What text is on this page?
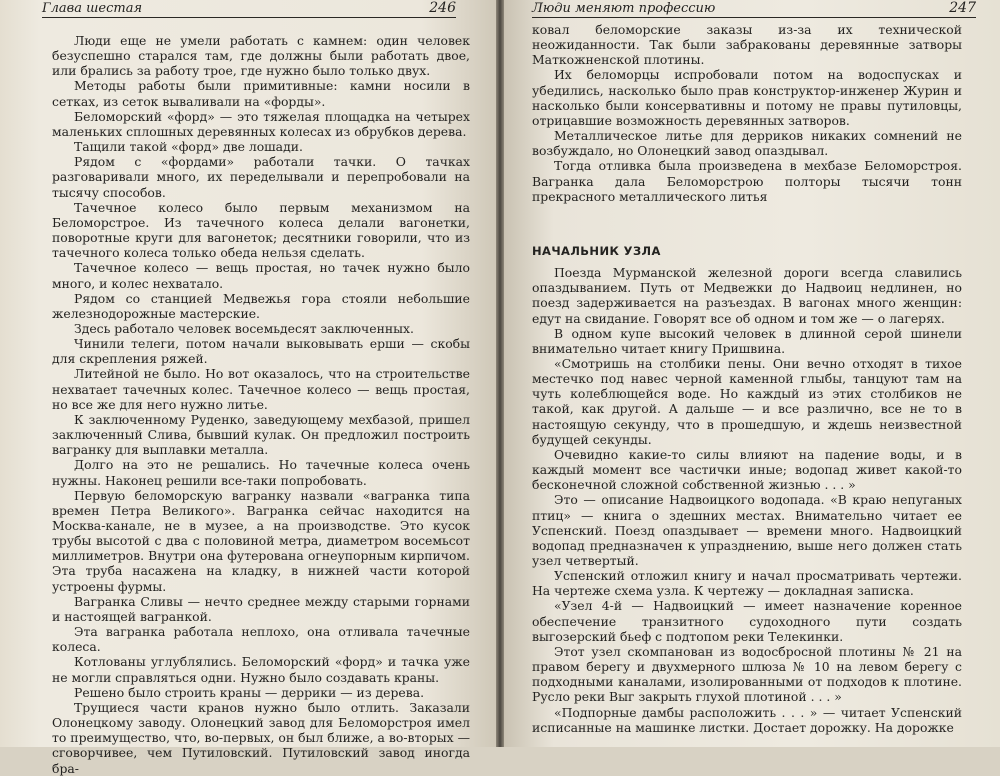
Глава шестая	246

Люди еще не умели работать с камнем: один человек безуспешно старался там, где должны были работать двое, или брались за работу трое, где нужно было только двух.

Методы работы были примитивные: камни носили в сетках, из сеток вываливали на «форды».

Беломорский «форд» — это тяжелая площадка на четырех маленьких сплошных деревянных колесах из обрубков дерева.

Тащили такой «форд» две лошади.

Рядом с «фордами» работали тачки. О тачках разговаривали много, их переделывали и перепробовали на тысячу способов.

Тачечное колесо было первым механизмом на Беломорстрое. Из тачечного колеса делали вагонетки, поворотные круги для вагонеток; десятники говорили, что из тачечного колеса только обеда нельзя сделать.

Тачечное колесо — вещь простая, но тачек нужно было много, и колес нехватало.

Рядом со станцией Медвежья гора стояли небольшие железнодорожные мастерские.

Здесь работало человек восемьдесят заключенных.

Чинили телеги, потом начали выковывать ерши — скобы для скрепления ряжей.

Литейной не было. Но вот оказалось, что на строительстве нехватает тачечных колес. Тачечное колесо — вещь простая, но все же для него нужно литье.

К заключенному Руденко, заведующему мехбазой, пришел заключенный Слива, бывший кулак. Он предложил построить вагранку для выплавки металла.

Долго на это не решались. Но тачечные колеса очень нужны. Наконец решили все-таки попробовать.

Первую беломорскую вагранку назвали «вагранка типа времен Петра Великого». Вагранка сейчас находится на Москва-канале, не в музее, а на производстве. Это кусок трубы высотой с два с половиной метра, диаметром восемьсот миллиметров. Внутри она футерована огнеупорным кирпичом. Эта труба насажена на кладку, в нижней части которой устроены фурмы.

Вагранка Сливы — нечто среднее между старыми горнами и настоящей вагранкой.

Эта вагранка работала неплохо, она отливала тачечные колеса.

Котлованы углублялись. Беломорский «форд» и тачка уже не могли справляться одни. Нужно было создавать краны.

Решено было строить краны — деррики — из дерева.

Трущиеся части кранов нужно было отлить. Заказали Олонецкому заводу. Олонецкий завод для Беломорстроя имел то преимущество, что, во-первых, он был ближе, а во-вторых — сговорчивее, чем Путиловский. Путиловский завод иногда бра-

Люди меняют профессию	247

ковал беломорские заказы из-за их технической неожиданности. Так были забракованы деревянные затворы Маткожненской плотины.

Их беломорцы испробовали потом на водоспусках и убедились, насколько было прав конструктор-инженер Журин и насколько были консервативны и потому не правы путиловцы, отрицавшие возможность деревянных затворов.

Металлическое литье для дерриков никаких сомнений не возбуждало, но Олонецкий завод опаздывал.

Тогда отливка была произведена в мехбазе Беломорстроя. Вагранка дала Беломорстрою полторы тысячи тонн прекрасного металлического литья

НАЧАЛЬНИК УЗЛА

Поезда Мурманской железной дороги всегда славились опаздыванием. Путь от Медвежки до Надвоиц недлинен, но поезд задерживается на разъездах. В вагонах много женщин: едут на свидание. Говорят все об одном и том же — о лагерях.

В одном купе высокий человек в длинной серой шинели внимательно читает книгу Пришвина.

«Смотришь на столбики пены. Они вечно отходят в тихое местечко под навес черной каменной глыбы, танцуют там на чуть колеблющейся воде. Но каждый из этих столбиков не такой, как другой. А дальше — и все различно, все не то в настоящую секунду, что в прошедшую, и ждешь неизвестной будущей секунды.

Очевидно какие-то силы влияют на падение воды, и в каждый момент все частички иные; водопад живет какой-то бесконечной сложной собственной жизнью . . . »

Это — описание Надвоицкого водопада. «В краю непуганых птиц» — книга о здешних местах. Внимательно читает ее Успенский. Поезд опаздывает — времени много. Надвоицкий водопад предназначен к упразднению, выше него должен стать узел четвертый.

Успенский отложил книгу и начал просматривать чертежи. На чертеже схема узла. К чертежу — докладная записка.

«Узел 4-й — Надвоицкий — имеет назначение коренное обеспечение транзитного судоходного пути создать выгозерский бьеф с подтопом реки Телекинки.

Этот узел скомпанован из водосбросной плотины № 21 на правом берегу и двухмерного шлюза № 10 на левом берегу с подходными каналами, изолированными от подходов к плотине. Русло реки Выг закрыть глухой плотиной . . . »

«Подпорные дамбы расположить . . . » — читает Успенский исписанные на машинке листки. Достает дорожку. На дорожке
